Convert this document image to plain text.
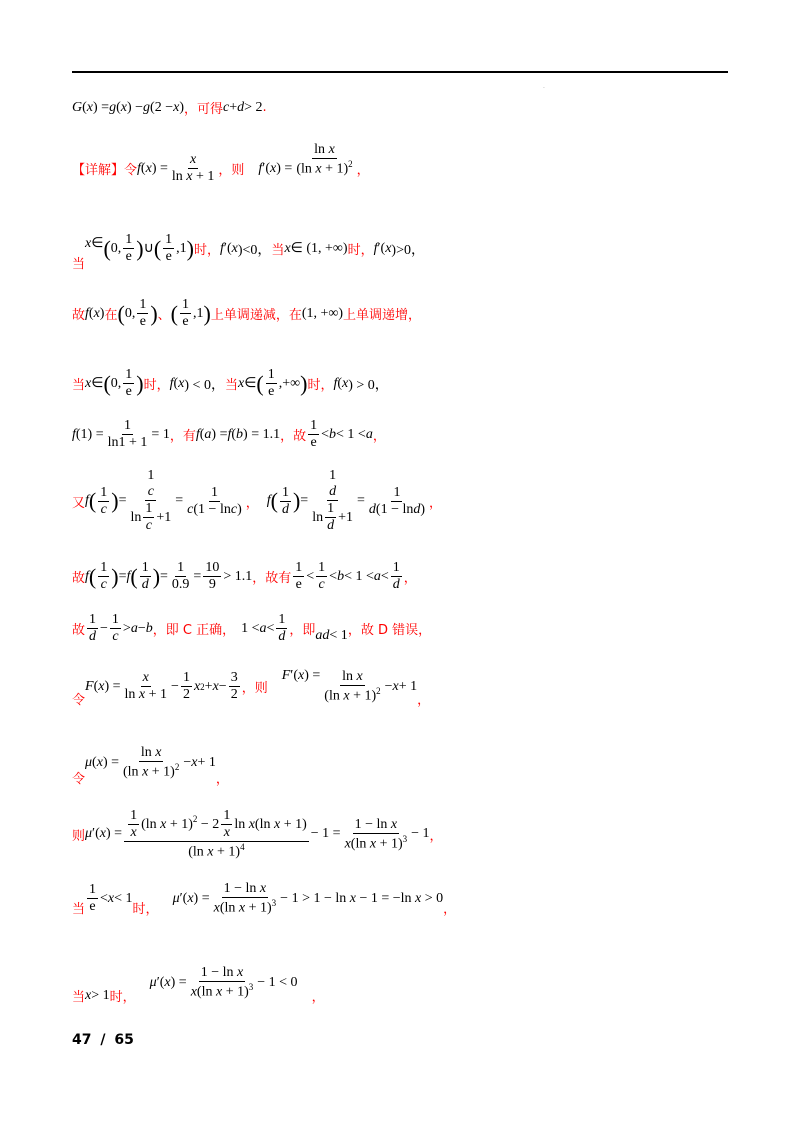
·
G ( x ) = g ( x ) − g (2 − x ) ，可得 c + d > 2 .
【详解】 令 f ( x ) = $\frac{x}{\text{ln x + 1}}$ ，则 f ′( x ) = $\frac{\text{ln x}}{(\ln x + 1)^2}$ ，
当
x ∈ ( 0, $\frac{1}{e}$ ) ∪ ( $\frac{1}{e} ,1$ ) 时， f ′( x )<0， 当 x ∈ (1, +∞) 时， f ′( x )>0，
故 f ( x ) 在 ( 0, $\frac{1}{e}$ ) 、 ( $\frac{1}{e} ,1$ ) 上单调递减，在 (1, +∞) 上单调递增，
当 x ∈ ( 0, $\frac{1}{e}$ ) 时， f ( x ) < 0， 当 x ∈ ( $\frac{1}{e}$ ,+∞ ) 时， f ( x ) > 0，
f $(1) = \frac{1}{\ln 1 + 1} = 1$ ，有 f ( a ) = f ( b ) = 1.1 ，故 $\frac{1}{e} < b < 1 < a$ ，
又 f ( $\frac{1}{c}$ ) =
1
c
$\ln \frac{1}{c} +1$
= $\frac{1}{c(1 - \ln c)}$ ， f ( $\frac{1}{d}$ ) =
1
d
$\ln \frac{1}{d} +1$
= $\frac{1}{d(1 - \ln d)}$ ，
故 f ( $\frac{1}{c}$ ) = f ( $\frac{1}{d}$ ) = $\frac{1}{0.9} = \frac{10}{9} > 1.1$ ，故有 $\frac{1}{e} < \frac{1}{c} < b < 1 < a < \frac{1}{d}$ ，
故 $\frac{1}{d} - \frac{1}{c} > a - b$ ，即 C 正确， $1 < a < \frac{1}{d}$ ，即 ad < 1 ，故 D 错误，
令
F ( x ) = $\frac{x}{\text{ln x + 1}} - \frac{1}{2}$ x $2 + x - \frac{3}{2}$ ，则
F ′( x ) = $\frac{\text{ln x}}{(\ln x + 1)^2} - x + 1$
，
令
μ ( x ) = $\frac{\text{ln x}}{(\ln x + 1)^2} - x + 1$
，
则 μ ′( x ) = $\frac{\frac{1}{x} (\ln x + 1)^2 - 2 \frac{1}{x} \ln x(\ln x + 1)}{(\ln x + 1)^4} - 1 = \frac{\text{1 − ln x}}{x(\ln x + 1)^3} - 1$ ，
当 $\frac{1}{e} < x < 1$
时，
μ ′( x ) = $\frac{\text{1 − ln x}}{x(\ln x + 1)^3} - 1 > 1 - \ln x - 1 = -\ln$ x > 0
，
当 x > 1 时，
μ ′( x ) = $\frac{\text{1 − ln x}}{x(\ln x + 1)^3} - 1 < 0$
，
47 / 65
